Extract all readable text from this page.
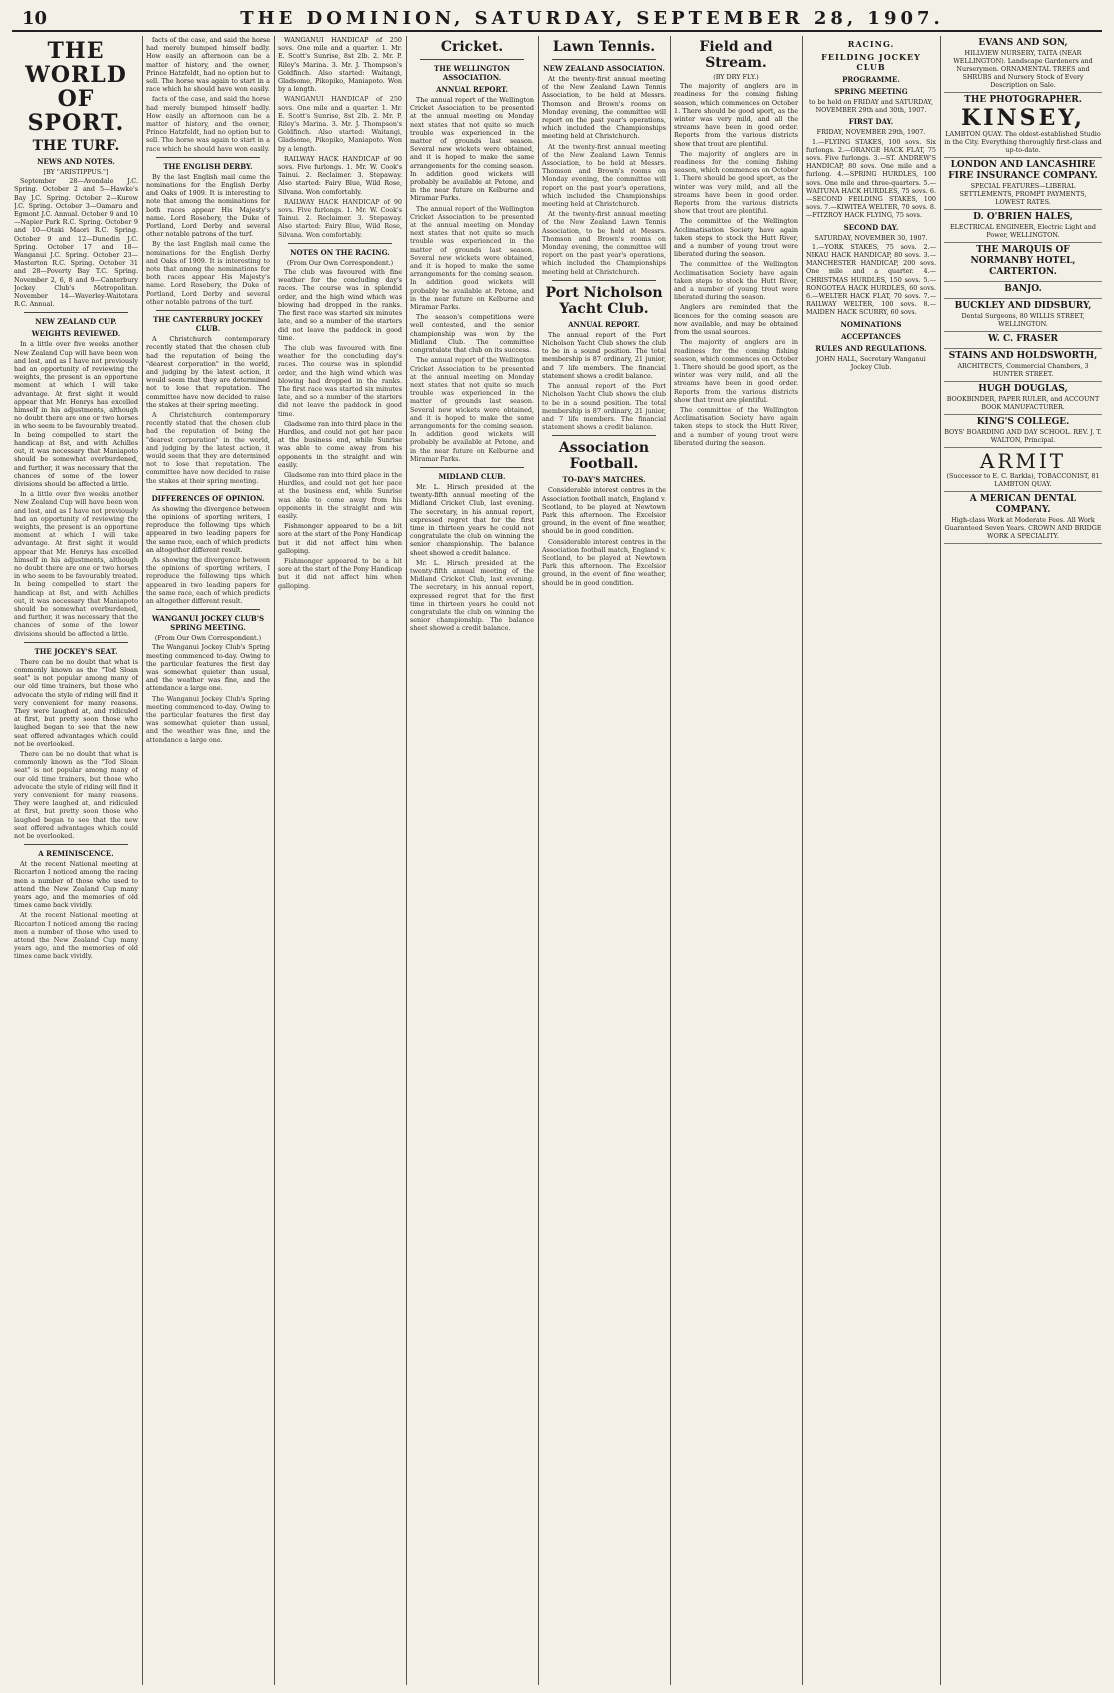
10	THE DOMINION, SATURDAY, SEPTEMBER 28, 1907.
THE WORLD OF SPORT.
THE TURF.
NEWS AND NOTES.
[BY "ARISTIPPUS."]

September 28—Avondale J.C. Spring. October 2 and 5—Hawke's Bay J.C. Spring. October 2—Kurow J.C. Spring. October 3—Oamaru and Egmont J.C. Annual. October 9 and 10—Napier Park R.C. Spring. October 9 and 10—Otaki Maori R.C. Spring. October 9 and 12—Dunedin J.C. Spring. October 17 and 18—Wanganui J.C. Spring. October 23—Masterton R.C. Spring. October 31 and 28—Poverty Bay T.C. Spring. November 2, 6, 8 and 9—Canterbury Jockey Club's Metropolitan. November 14—Waverley-Waitotara R.C. Annual.

NEW ZEALAND CUP.
WEIGHTS REVIEWED.

In a little over five weeks another New Zealand Cup will have been won and lost, and as I have not previously had an opportunity of reviewing the weights, the present is an opportune moment at which I will take advantage. At first sight it would appear that Mr. Henrys has excelled himself in his adjustments, although no doubt there are one or two horses in who seem to be favourably treated. In being compelled to start the handicap at 8st, and with Achilles out, it was necessary that Maniapoto should be somewhat overburdened, and further, it was necessary that the chances of some of the lower divisions should be affected a little.

In a little over five weeks another New Zealand Cup will have been won and lost, and as I have not previously had an opportunity of reviewing the weights, the present is an opportune moment at which I will take advantage. At first sight it would appear that Mr. Henrys has excelled himself in his adjustments, although no doubt there are one or two horses in who seem to be favourably treated. In being compelled to start the handicap at 8st, and with Achilles out, it was necessary that Maniapoto should be somewhat overburdened, and further, it was necessary that the chances of some of the lower divisions should be affected a little.

THE JOCKEY'S SEAT.

There can be no doubt that what is commonly known as the "Tod Sloan seat" is not popular among many of our old time trainers, but those who advocate the style of riding will find it very convenient for many reasons. They were laughed at, and ridiculed at first, but pretty soon those who laughed began to see that the new seat offered advantages which could not be overlooked.

There can be no doubt that what is commonly known as the "Tod Sloan seat" is not popular among many of our old time trainers, but those who advocate the style of riding will find it very convenient for many reasons. They were laughed at, and ridiculed at first, but pretty soon those who laughed began to see that the new seat offered advantages which could not be overlooked.

A REMINISCENCE.

At the recent National meeting at Riccarton I noticed among the racing men a number of those who used to attend the New Zealand Cup many years ago, and the memories of old times came back vividly.

At the recent National meeting at Riccarton I noticed among the racing men a number of those who used to attend the New Zealand Cup many years ago, and the memories of old times came back vividly.

facts of the case, and said the horse had merely bumped himself badly. How easily an afternoon can be a matter of history, and the owner, Prince Hatzfeldt, had no option but to sell. The horse was again to start in a race which he should have won easily.

facts of the case, and said the horse had merely bumped himself badly. How easily an afternoon can be a matter of history, and the owner, Prince Hatzfeldt, had no option but to sell. The horse was again to start in a race which he should have won easily.

THE ENGLISH DERBY.

By the last English mail came the nominations for the English Derby and Oaks of 1909. It is interesting to note that among the nominations for both races appear His Majesty's name. Lord Rosebery, the Duke of Portland, Lord Derby and several other notable patrons of the turf.

By the last English mail came the nominations for the English Derby and Oaks of 1909. It is interesting to note that among the nominations for both races appear His Majesty's name. Lord Rosebery, the Duke of Portland, Lord Derby and several other notable patrons of the turf.

THE CANTERBURY JOCKEY CLUB.

A Christchurch contemporary recently stated that the chosen club had the reputation of being the "dearest corporation" in the world, and judging by the latest action, it would seem that they are determined not to lose that reputation. The committee have now decided to raise the stakes at their spring meeting.

A Christchurch contemporary recently stated that the chosen club had the reputation of being the "dearest corporation" in the world, and judging by the latest action, it would seem that they are determined not to lose that reputation. The committee have now decided to raise the stakes at their spring meeting.

DIFFERENCES OF OPINION.

As showing the divergence between the opinions of sporting writers, I reproduce the following tips which appeared in two leading papers for the same race, each of which predicts an altogether different result.

As showing the divergence between the opinions of sporting writers, I reproduce the following tips which appeared in two leading papers for the same race, each of which predicts an altogether different result.

WANGANUI JOCKEY CLUB'S SPRING MEETING.
(From Our Own Correspondent.)

The Wanganui Jockey Club's Spring meeting commenced to-day. Owing to the particular features the first day was somewhat quieter than usual, and the weather was fine, and the attendance a large one.

The Wanganui Jockey Club's Spring meeting commenced to-day. Owing to the particular features the first day was somewhat quieter than usual, and the weather was fine, and the attendance a large one.

WANGANUI HANDICAP of 250 sovs. One mile and a quarter. 1. Mr. E. Scott's Sunrise, 8st 2lb. 2. Mr. P. Riley's Marina. 3. Mr. J. Thompson's Goldfinch. Also started: Waitangi, Gladsome, Pikopiko, Maniapoto. Won by a length.

WANGANUI HANDICAP of 250 sovs. One mile and a quarter. 1. Mr. E. Scott's Sunrise, 8st 2lb. 2. Mr. P. Riley's Marina. 3. Mr. J. Thompson's Goldfinch. Also started: Waitangi, Gladsome, Pikopiko, Maniapoto. Won by a length.

RAILWAY HACK HANDICAP of 90 sovs. Five furlongs. 1. Mr. W. Cook's Tainui. 2. Reclaimer. 3. Stepaway. Also started: Fairy Blue, Wild Rose, Silvana. Won comfortably.

RAILWAY HACK HANDICAP of 90 sovs. Five furlongs. 1. Mr. W. Cook's Tainui. 2. Reclaimer. 3. Stepaway. Also started: Fairy Blue, Wild Rose, Silvana. Won comfortably.

NOTES ON THE RACING.
(From Our Own Correspondent.)

The club was favoured with fine weather for the concluding day's races. The course was in splendid order, and the high wind which was blowing had dropped in the ranks. The first race was started six minutes late, and so a number of the starters did not leave the paddock in good time.

The club was favoured with fine weather for the concluding day's races. The course was in splendid order, and the high wind which was blowing had dropped in the ranks. The first race was started six minutes late, and so a number of the starters did not leave the paddock in good time.

Gladsome ran into third place in the Hurdles, and could not get her pace at the business end, while Sunrise was able to come away from his opponents in the straight and win easily.

Gladsome ran into third place in the Hurdles, and could not get her pace at the business end, while Sunrise was able to come away from his opponents in the straight and win easily.

Fishmonger appeared to be a bit sore at the start of the Pony Handicap but it did not affect him when galloping.

Fishmonger appeared to be a bit sore at the start of the Pony Handicap but it did not affect him when galloping.

Cricket.
THE WELLINGTON ASSOCIATION.
ANNUAL REPORT.

The annual report of the Wellington Cricket Association to be presented at the annual meeting on Monday next states that not quite so much trouble was experienced in the matter of grounds last season. Several new wickets were obtained, and it is hoped to make the same arrangements for the coming season. In addition good wickets will probably be available at Petone, and in the near future on Kelburne and Miramar Parks.

The annual report of the Wellington Cricket Association to be presented at the annual meeting on Monday next states that not quite so much trouble was experienced in the matter of grounds last season. Several new wickets were obtained, and it is hoped to make the same arrangements for the coming season. In addition good wickets will probably be available at Petone, and in the near future on Kelburne and Miramar Parks.

The season's competitions were well contested, and the senior championship was won by the Midland Club. The committee congratulate that club on its success.

The annual report of the Wellington Cricket Association to be presented at the annual meeting on Monday next states that not quite so much trouble was experienced in the matter of grounds last season. Several new wickets were obtained, and it is hoped to make the same arrangements for the coming season. In addition good wickets will probably be available at Petone, and in the near future on Kelburne and Miramar Parks.

MIDLAND CLUB.

Mr. L. Hirsch presided at the twenty-fifth annual meeting of the Midland Cricket Club, last evening. The secretary, in his annual report, expressed regret that for the first time in thirteen years he could not congratulate the club on winning the senior championship. The balance sheet showed a credit balance.

Mr. L. Hirsch presided at the twenty-fifth annual meeting of the Midland Cricket Club, last evening. The secretary, in his annual report, expressed regret that for the first time in thirteen years he could not congratulate the club on winning the senior championship. The balance sheet showed a credit balance.

Lawn Tennis.
NEW ZEALAND ASSOCIATION.

At the twenty-first annual meeting of the New Zealand Lawn Tennis Association, to be held at Messrs. Thomson and Brown's rooms on Monday evening, the committee will report on the past year's operations, which included the Championships meeting held at Christchurch.

At the twenty-first annual meeting of the New Zealand Lawn Tennis Association, to be held at Messrs. Thomson and Brown's rooms on Monday evening, the committee will report on the past year's operations, which included the Championships meeting held at Christchurch.

At the twenty-first annual meeting of the New Zealand Lawn Tennis Association, to be held at Messrs. Thomson and Brown's rooms on Monday evening, the committee will report on the past year's operations, which included the Championships meeting held at Christchurch.

Port Nicholson Yacht Club.
ANNUAL REPORT.

The annual report of the Port Nicholson Yacht Club shows the club to be in a sound position. The total membership is 87 ordinary, 21 junior, and 7 life members. The financial statement shows a credit balance.

The annual report of the Port Nicholson Yacht Club shows the club to be in a sound position. The total membership is 87 ordinary, 21 junior, and 7 life members. The financial statement shows a credit balance.

Association Football.
TO-DAY'S MATCHES.

Considerable interest centres in the Association football match, England v. Scotland, to be played at Newtown Park this afternoon. The Excelsior ground, in the event of fine weather, should be in good condition.

Considerable interest centres in the Association football match, England v. Scotland, to be played at Newtown Park this afternoon. The Excelsior ground, in the event of fine weather, should be in good condition.

Field and Stream.
(BY DRY FLY.)

The majority of anglers are in readiness for the coming fishing season, which commences on October 1. There should be good sport, as the winter was very mild, and all the streams have been in good order. Reports from the various districts show that trout are plentiful.

The majority of anglers are in readiness for the coming fishing season, which commences on October 1. There should be good sport, as the winter was very mild, and all the streams have been in good order. Reports from the various districts show that trout are plentiful.

The committee of the Wellington Acclimatisation Society have again taken steps to stock the Hutt River, and a number of young trout were liberated during the season.

The committee of the Wellington Acclimatisation Society have again taken steps to stock the Hutt River, and a number of young trout were liberated during the season.

Anglers are reminded that the licences for the coming season are now available, and may be obtained from the usual sources.

The majority of anglers are in readiness for the coming fishing season, which commences on October 1. There should be good sport, as the winter was very mild, and all the streams have been in good order. Reports from the various districts show that trout are plentiful.

The committee of the Wellington Acclimatisation Society have again taken steps to stock the Hutt River, and a number of young trout were liberated during the season.

RACING.
FEILDING JOCKEY CLUB
PROGRAMME.
SPRING MEETING
to be held on FRIDAY and SATURDAY, NOVEMBER 29th and 30th, 1907.
FIRST DAY.
FRIDAY, NOVEMBER 29th, 1907.

1.—FLYING STAKES, 100 sovs. Six furlongs. 2.—ORANGE HACK FLAT, 75 sovs. Five furlongs. 3.—ST. ANDREW'S HANDICAP, 80 sovs. One mile and a furlong. 4.—SPRING HURDLES, 100 sovs. One mile and three-quarters. 5.—WAITUNA HACK HURDLES, 75 sovs. 6.—SECOND FEILDING STAKES, 100 sovs. 7.—KIWITEA WELTER, 70 sovs. 8.—FITZROY HACK FLYING, 75 sovs.

SECOND DAY.
SATURDAY, NOVEMBER 30, 1907.

1.—YORK STAKES, 75 sovs. 2.—NIKAU HACK HANDICAP, 80 sovs. 3.—MANCHESTER HANDICAP, 200 sovs. One mile and a quarter. 4.—CHRISTMAS HURDLES, 150 sovs. 5.—RONGOTEA HACK HURDLES, 60 sovs. 6.—WELTER HACK FLAT, 70 sovs. 7.—RAILWAY WELTER, 100 sovs. 8.—MAIDEN HACK SCURRY, 60 sovs.

NOMINATIONS
ACCEPTANCES
RULES AND REGULATIONS.
JOHN HALL, Secretary Wanganui Jockey Club.
EVANS AND SON,
HILLVIEW NURSERY, TAITA (NEAR WELLINGTON). Landscape Gardeners and Nurserymen. ORNAMENTAL TREES and SHRUBS and Nursery Stock of Every Description on Sale.
THE PHOTOGRAPHER.
KINSEY,
LAMBTON QUAY. The oldest-established Studio in the City. Everything thoroughly first-class and up-to-date.
LONDON AND LANCASHIRE FIRE INSURANCE COMPANY.
SPECIAL FEATURES—LIBERAL SETTLEMENTS, PROMPT PAYMENTS, LOWEST RATES.
D. O'BRIEN HALES,
ELECTRICAL ENGINEER, Electric Light and Power, WELLINGTON.
THE MARQUIS OF NORMANBY HOTEL, CARTERTON.
BANJO.
BUCKLEY AND DIDSBURY,
Dental Surgeons, 80 WILLIS STREET, WELLINGTON.
W. C. FRASER
STAINS AND HOLDSWORTH,
ARCHITECTS, Commercial Chambers, 3 HUNTER STREET.
HUGH DOUGLAS,
BOOKBINDER, PAPER RULER, and ACCOUNT BOOK MANUFACTURER.
KING'S COLLEGE.
BOYS' BOARDING AND DAY SCHOOL. REV. J. T. WALTON, Principal.
ARMIT
(Successor to E. C. Barkla), TOBACCONIST, 81 LAMBTON QUAY.
A MERICAN DENTAL COMPANY.
High-class Work at Moderate Fees. All Work Guaranteed Seven Years. CROWN AND BRIDGE WORK A SPECIALITY.
